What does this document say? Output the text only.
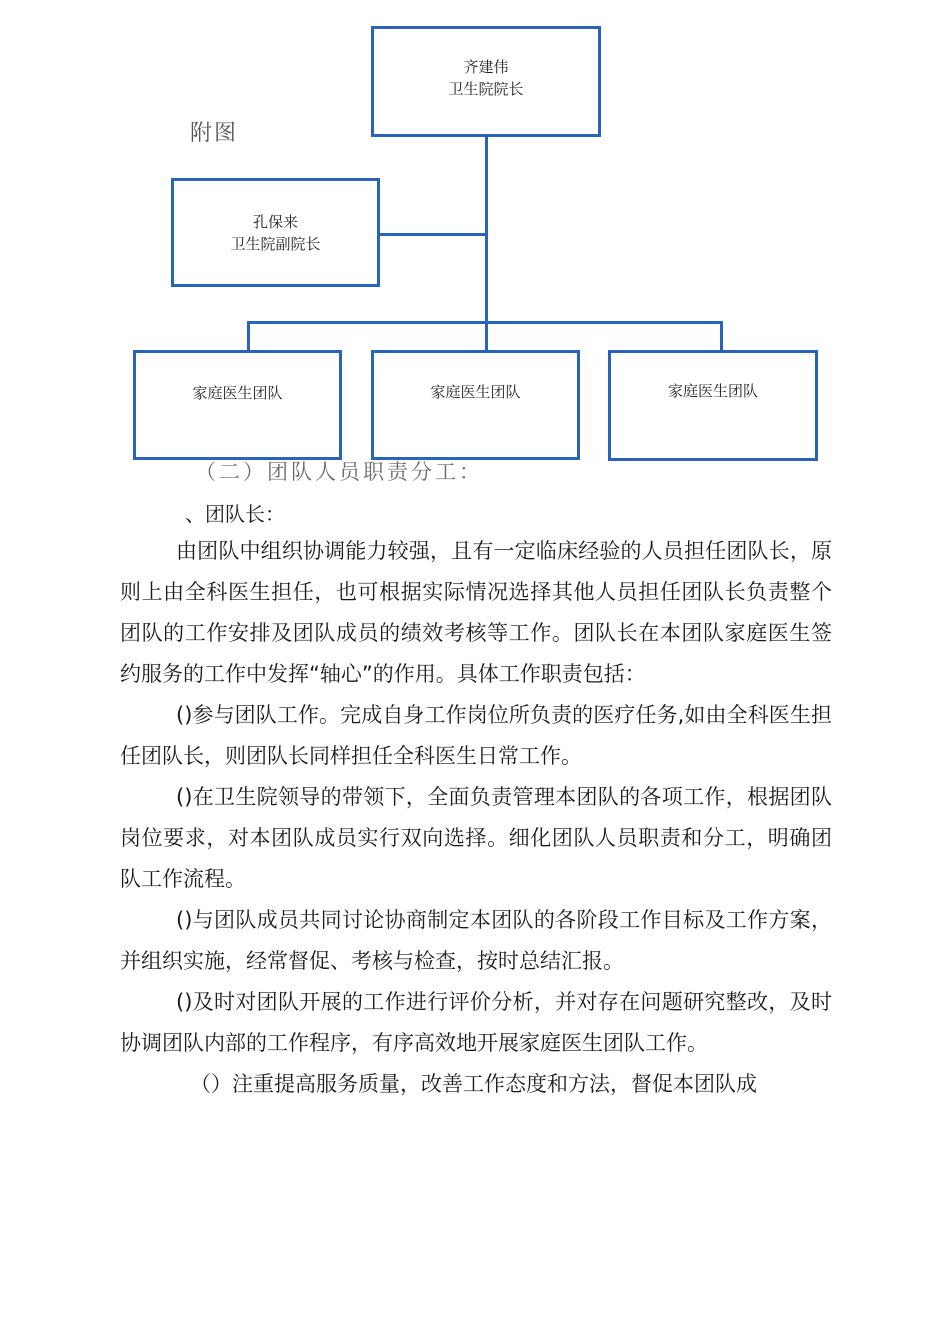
齐建伟
卫生院院长
附图
孔保来
卫生院副院长
家庭医生团队	家庭医生团队	家庭医生团队
（二）团队人员职责分工：
、团队长：

由团队中组织协调能力较强，且有一定临床经验的人员担任团队长，原则上由全科医生担任，也可根据实际情况选择其他人员担任团队长负责整个团队的工作安排及团队成员的绩效考核等工作。团队长在本团队家庭医生签约服务的工作中发挥“轴心”的作用。具体工作职责包括：

()参与团队工作。完成自身工作岗位所负责的医疗任务,如由全科医生担任团队长，则团队长同样担任全科医生日常工作。

()在卫生院领导的带领下，全面负责管理本团队的各项工作，根据团队岗位要求，对本团队成员实行双向选择。细化团队人员职责和分工，明确团队工作流程。

()与团队成员共同讨论协商制定本团队的各阶段工作目标及工作方案，并组织实施，经常督促、考核与检查，按时总结汇报。

()及时对团队开展的工作进行评价分析，并对存在问题研究整改，及时协调团队内部的工作程序，有序高效地开展家庭医生团队工作。

（）注重提高服务质量，改善工作态度和方法，督促本团队成
